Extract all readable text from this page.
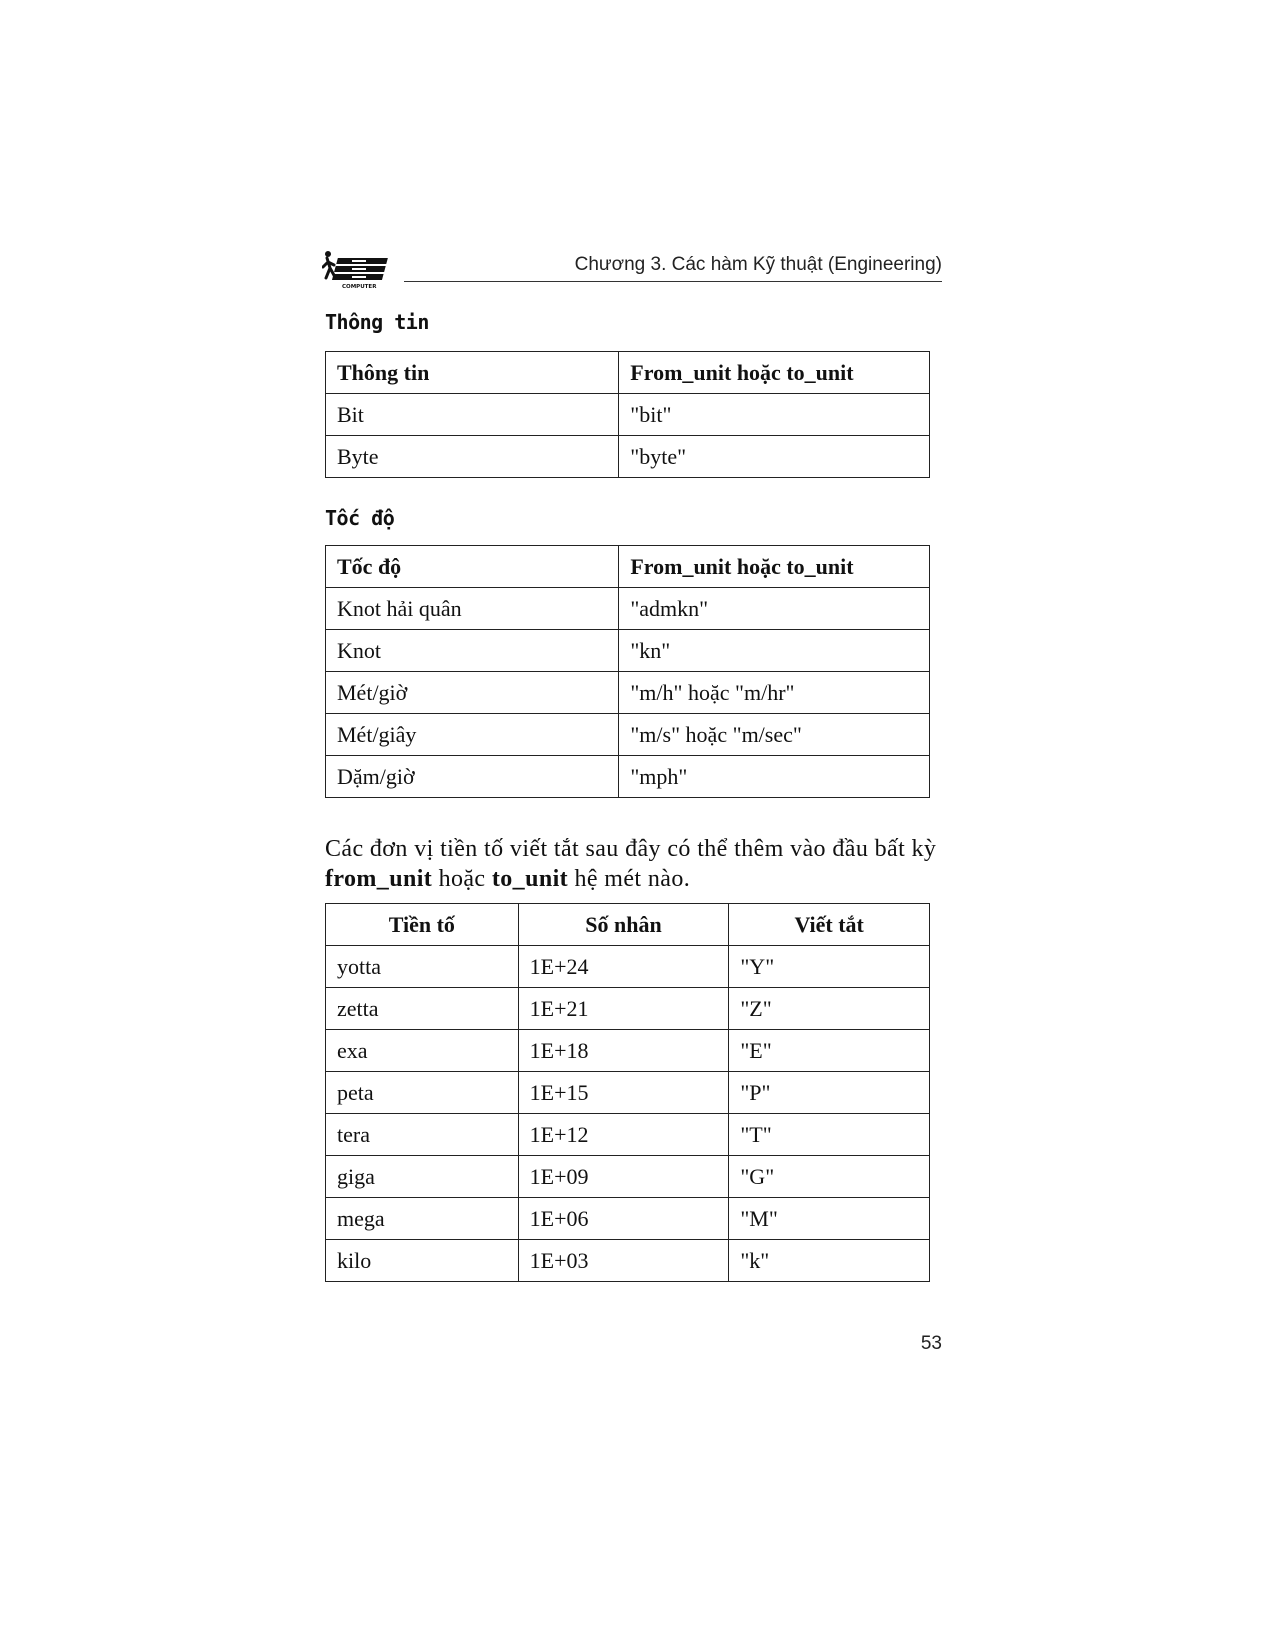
COMPUTER
Chương 3. Các hàm Kỹ thuật (Engineering)
Thông tin
Thông tin	From_unit hoặc to_unit
Bit	"bit"
Byte	"byte"
Tốc độ
Tốc độ	From_unit hoặc to_unit
Knot hải quân	"admkn"
Knot	"kn"
Mét/giờ	"m/h" hoặc "m/hr"
Mét/giây	"m/s" hoặc "m/sec"
Dặm/giờ	"mph"
Các đơn vị tiền tố viết tắt sau đây có thể thêm vào đầu bất kỳ from_unit hoặc to_unit hệ mét nào.
Tiền tố	Số nhân	Viết tắt
yotta	1E+24	"Y"
zetta	1E+21	"Z"
exa	1E+18	"E"
peta	1E+15	"P"
tera	1E+12	"T"
giga	1E+09	"G"
mega	1E+06	"M"
kilo	1E+03	"k"
53
